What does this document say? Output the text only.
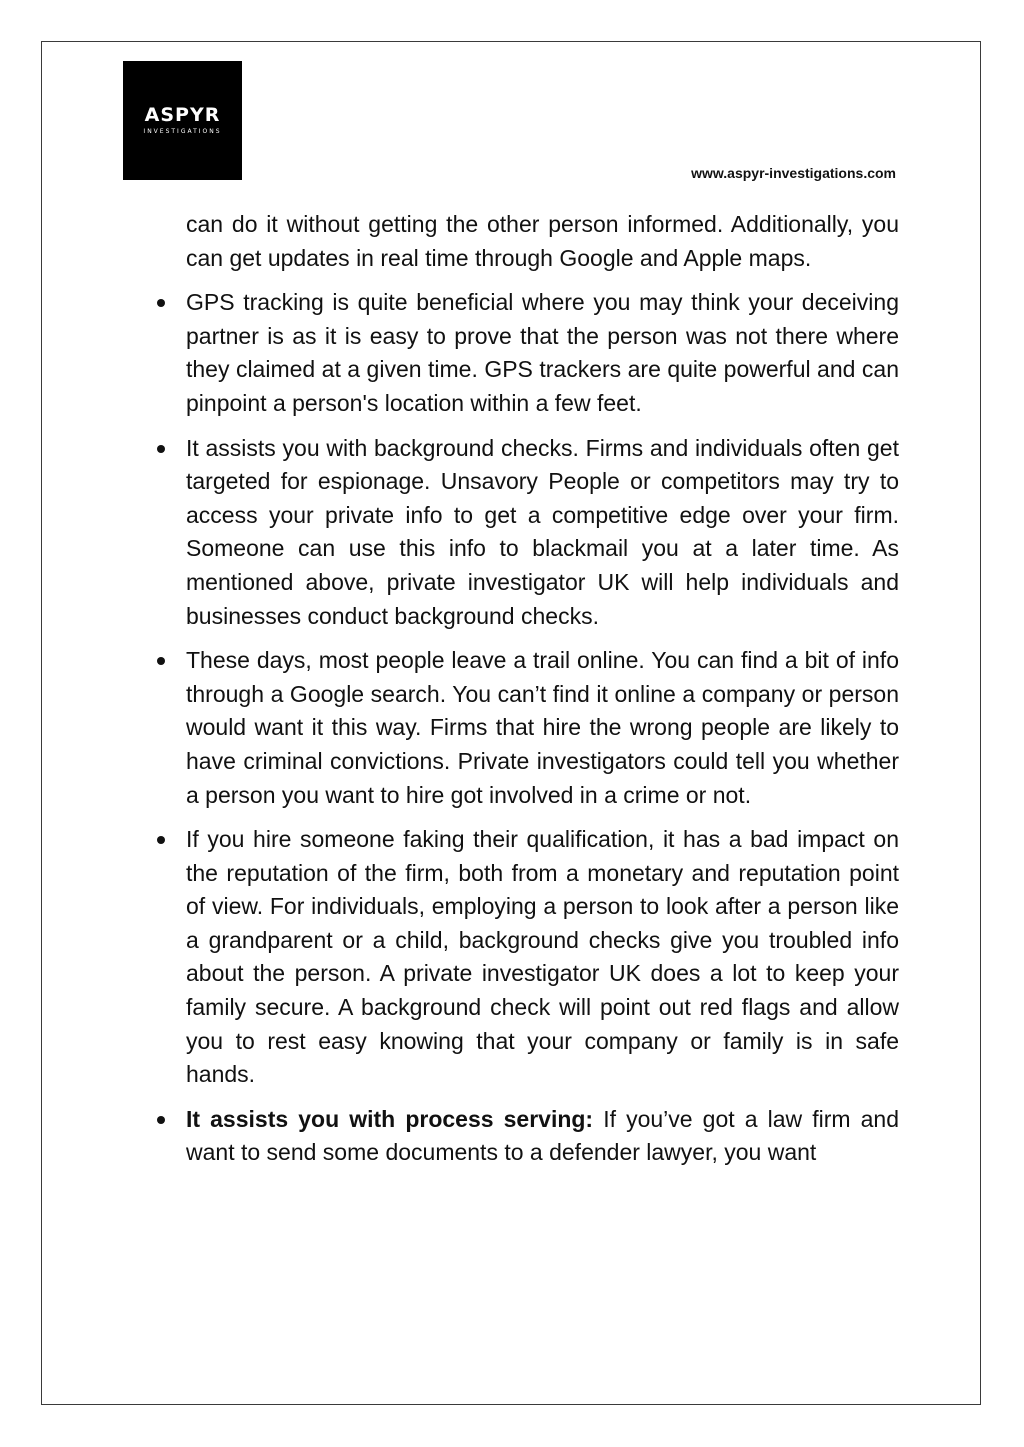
ASPYR
INVESTIGATIONS
www.aspyr-investigations.com

can do it without getting the other person informed. Additionally, you can get updates in real time through Google and Apple maps.

GPS tracking is quite beneficial where you may think your deceiving partner is as it is easy to prove that the person was not there where they claimed at a given time. GPS trackers are quite powerful and can pinpoint a person's location within a few feet.
It assists you with background checks. Firms and individuals often get targeted for espionage. Unsavory People or competitors may try to access your private info to get a competitive edge over your firm. Someone can use this info to blackmail you at a later time. As mentioned above, private investigator UK will help individuals and businesses conduct background checks.
These days, most people leave a trail online. You can find a bit of info through a Google search. You can’t find it online a company or person would want it this way. Firms that hire the wrong people are likely to have criminal convictions. Private investigators could tell you whether a person you want to hire got involved in a crime or not.
If you hire someone faking their qualification, it has a bad impact on the reputation of the firm, both from a monetary and reputation point of view. For individuals, employing a person to look after a person like a grandparent or a child, background checks give you troubled info about the person. A private investigator UK does a lot to keep your family secure. A background check will point out red flags and allow you to rest easy knowing that your company or family is in safe hands.
It assists you with process serving: If you’ve got a law firm and want to send some documents to a defender lawyer, you want
